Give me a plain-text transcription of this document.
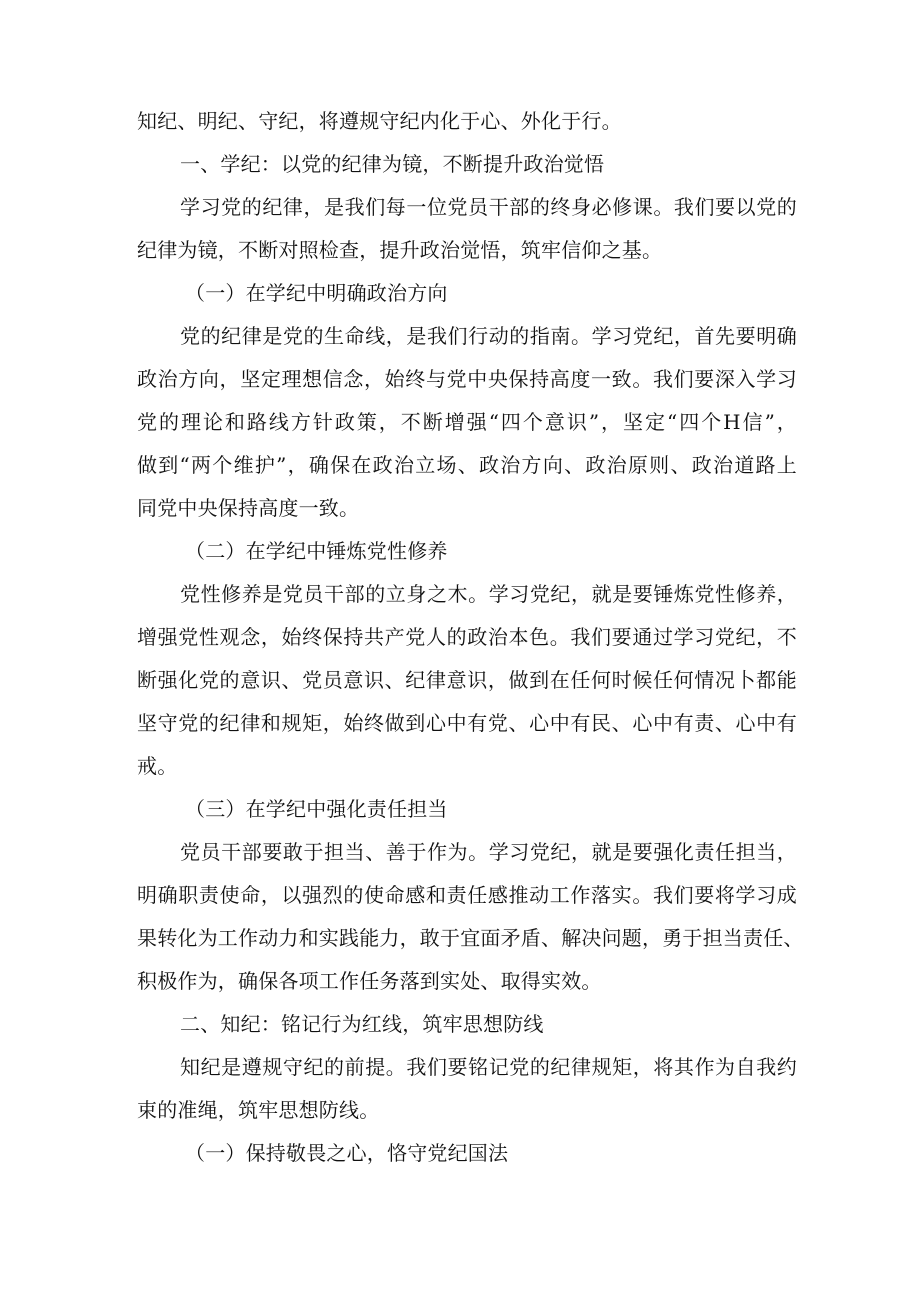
知纪、明纪、守纪，将遵规守纪内化于心、外化于行。
一、学纪：以党的纪律为镜，不断提升政治觉悟
学习党的纪律，是我们每一位党员干部的终身必修课。我们要以党的
纪律为镜，不断对照检查，提升政治觉悟，筑牢信仰之基。
（一）在学纪中明确政治方向
党的纪律是党的生命线，是我们行动的指南。学习党纪，首先要明确
政治方向，坚定理想信念，始终与党中央保持高度一致。我们要深入学习
党的理论和路线方针政策，不断增强“四个意识”，坚定“四个H信”，
做到“两个维护”，确保在政治立场、政治方向、政治原则、政治道路上
同党中央保持高度一致。
（二）在学纪中锤炼党性修养
党性修养是党员干部的立身之木。学习党纪，就是要锤炼党性修养，
增强党性观念，始终保持共产党人的政治本色。我们要通过学习党纪，不
断强化党的意识、党员意识、纪律意识，做到在任何时候任何情况卜都能
坚守党的纪律和规矩，始终做到心中有党、心中有民、心中有责、心中有
戒。
（三）在学纪中强化责任担当
党员干部要敢于担当、善于作为。学习党纪，就是要强化责任担当，
明确职责使命，以强烈的使命感和责任感推动工作落实。我们要将学习成
果转化为工作动力和实践能力，敢于宜面矛盾、解决问题，勇于担当责任、
积极作为，确保各项工作任务落到实处、取得实效。
二、知纪：铭记行为红线，筑牢思想防线
知纪是遵规守纪的前提。我们要铭记党的纪律规矩，将其作为自我约
束的准绳，筑牢思想防线。
（一）保持敬畏之心，恪守党纪国法
